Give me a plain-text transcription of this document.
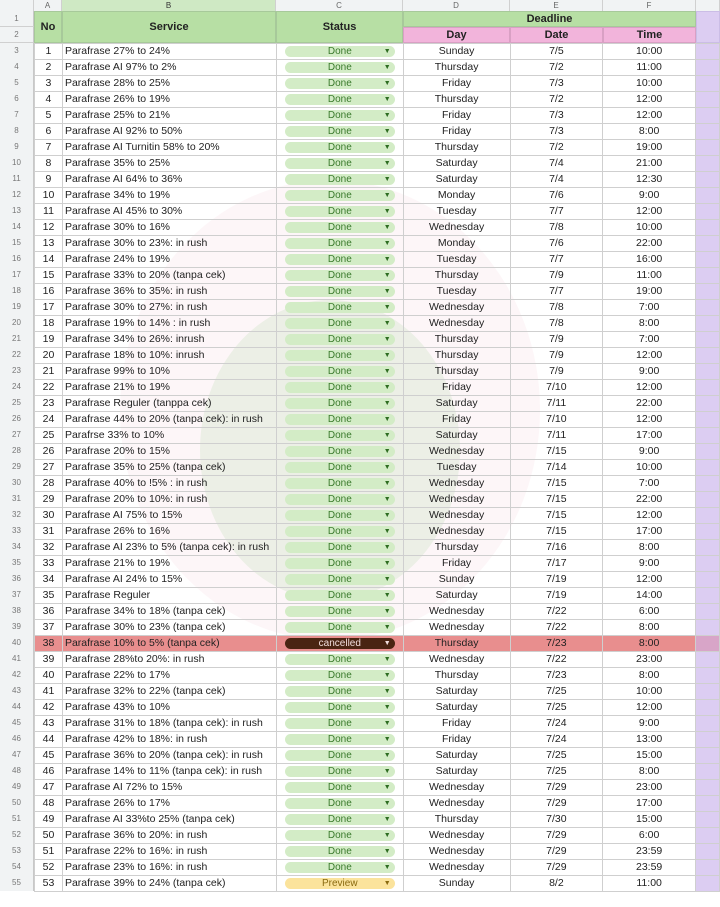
A	B	C	D	E	F
1
2
No	Service	Status
Deadline
Day	Date	Time
3
4
5
6
7
8
9
10
11
12
13
14
15
16
17
18
19
20
21
22
23
24
25
26
27
28
29
30
31
32
33
34
35
36
37
38
39
40
41
42
43
44
45
46
47
48
49
50
51
52
53
54
55
1	Parafrase 27% to 24%	Done ▼	Sunday	7/5	10:00	
2	Parafrase AI 97% to 2%	Done ▼	Thursday	7/2	11:00	
3	Parafrase 28% to 25%	Done ▼	Friday	7/3	10:00	
4	Parafrase 26% to 19%	Done ▼	Thursday	7/2	12:00	
5	Parafrase 25% to 21%	Done ▼	Friday	7/3	12:00	
6	Parafrase AI 92% to 50%	Done ▼	Friday	7/3	8:00	
7	Parafrase AI Turnitin 58% to 20%	Done ▼	Thursday	7/2	19:00	
8	Parafrase 35% to 25%	Done ▼	Saturday	7/4	21:00	
9	Parafrase AI 64% to 36%	Done ▼	Saturday	7/4	12:30	
10	Parafrase 34% to 19%	Done ▼	Monday	7/6	9:00	
11	Parafrase AI 45% to 30%	Done ▼	Tuesday	7/7	12:00	
12	Parafrase 30% to 16%	Done ▼	Wednesday	7/8	10:00	
13	Parafrase 30% to 23%: in rush	Done ▼	Monday	7/6	22:00	
14	Parafrase 24% to 19%	Done ▼	Tuesday	7/7	16:00	
15	Parafrase 33% to 20% (tanpa cek)	Done ▼	Thursday	7/9	11:00	
16	Parafrase 36% to 35%: in rush	Done ▼	Tuesday	7/7	19:00	
17	Parafrase 30% to 27%: in rush	Done ▼	Wednesday	7/8	7:00	
18	Parafrase 19% to 14% : in rush	Done ▼	Wednesday	7/8	8:00	
19	Parafrase 34% to 26%: inrush	Done ▼	Thursday	7/9	7:00	
20	Parafrase 18% to 10%: inrush	Done ▼	Thursday	7/9	12:00	
21	Parafrase 99% to 10%	Done ▼	Thursday	7/9	9:00	
22	Parafrase 21% to 19%	Done ▼	Friday	7/10	12:00	
23	Parafrase Reguler (tanppa cek)	Done ▼	Saturday	7/11	22:00	
24	Parafrase 44% to 20% (tanpa cek): in rush	Done ▼	Friday	7/10	12:00	
25	Parafrse 33% to 10%	Done ▼	Saturday	7/11	17:00	
26	Parafrase 20% to 15%	Done ▼	Wednesday	7/15	9:00	
27	Parafrase 35% to 25% (tanpa cek)	Done ▼	Tuesday	7/14	10:00	
28	Parafrase 40% to !5% : in rush	Done ▼	Wednesday	7/15	7:00	
29	Parafrase 20% to 10%: in rush	Done ▼	Wednesday	7/15	22:00	
30	Parafrase AI 75% to 15%	Done ▼	Wednesday	7/15	12:00	
31	Parafrase 26% to 16%	Done ▼	Wednesday	7/15	17:00	
32	Parafrase AI 23% to 5% (tanpa cek): in rush	Done ▼	Thursday	7/16	8:00	
33	Parafrase 21% to 19%	Done ▼	Friday	7/17	9:00	
34	Parafrase AI 24% to 15%	Done ▼	Sunday	7/19	12:00	
35	Parafrase Reguler	Done ▼	Saturday	7/19	14:00	
36	Parafrase 34% to 18% (tanpa cek)	Done ▼	Wednesday	7/22	6:00	
37	Parafrase 30% to 23% (tanpa cek)	Done ▼	Wednesday	7/22	8:00	
38	Parafrase 10% to 5% (tanpa cek)	cancelled ▼	Thursday	7/23	8:00	
39	Parafrase 28%to 20%: in rush	Done ▼	Wednesday	7/22	23:00	
40	Parafrase 22% to 17%	Done ▼	Thursday	7/23	8:00	
41	Parafrase 32% to 22% (tanpa cek)	Done ▼	Saturday	7/25	10:00	
42	Parafrase 43% to 10%	Done ▼	Saturday	7/25	12:00	
43	Parafrase 31% to 18% (tanpa cek): in rush	Done ▼	Friday	7/24	9:00	
44	Parafrase 42% to 18%: in rush	Done ▼	Friday	7/24	13:00	
45	Parafrase 36% to 20% (tanpa cek): in rush	Done ▼	Saturday	7/25	15:00	
46	Parafrase 14% to 11% (tanpa cek): in rush	Done ▼	Saturday	7/25	8:00	
47	Parafrase AI 72% to 15%	Done ▼	Wednesday	7/29	23:00	
48	Parafrase 26% to 17%	Done ▼	Wednesday	7/29	17:00	
49	Parafrase AI 33%to 25% (tanpa cek)	Done ▼	Thursday	7/30	15:00	
50	Parafrase 36% to 20%: in rush	Done ▼	Wednesday	7/29	6:00	
51	Parafrase 22% to 16%: in rush	Done ▼	Wednesday	7/29	23:59	
52	Parafrase 23% to 16%: in rush	Done ▼	Wednesday	7/29	23:59	
53	Parafrase 39% to 24% (tanpa cek)	Preview ▼	Sunday	8/2	11:00	
